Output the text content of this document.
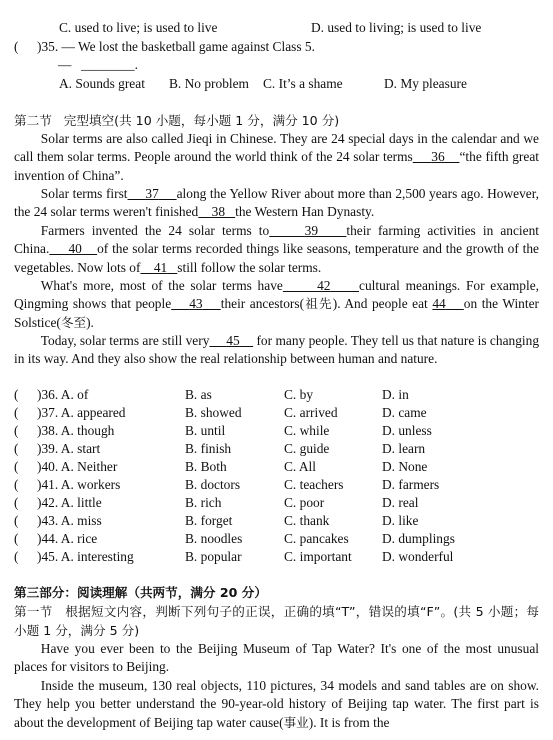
C. used to live; is used to live	D. used to living; is used to live
( )35. — We lost the basketball game against Class 5.
— ________.
A. Sounds great B. No problem C. It’s a shame	D. My pleasure
第二节 完型填空(共 10 小题，每小题 1 分，满分 10 分)
Solar terms are also called Jieqi in Chinese. They are 24 special days in the calendar and we call them solar terms. People around the world think of the 24 solar terms 36 “the fifth great invention of China”.
Solar terms first 37 along the Yellow River about more than 2,500 years ago. However, the 24 solar terms weren't finished 38 the Western Han Dynasty.
Farmers invented the 24 solar terms to	39 their farming activities in ancient China. 40 of the solar terms recorded things like seasons, temperature and the growth of the vegetables. Now lots of 41 still follow the solar terms.
What's more, most of the solar terms have	42 cultural meanings. For example, Qingming shows that people 43 their ancestors(祖先). And people eat 44 on the Winter Solstice(冬至).
Today, solar terms are still very 45     for many people. They tell us that nature is changing in its way. And they also show the real relationship between human and nature.
( )36. A. of	B. as	C. by	D. in
( )37. A. appeared	B. showed	C. arrived	D. came
( )38. A. though	B. until	C. while	D. unless
( )39. A. start	B. finish	C. guide	D. learn
( )40. A. Neither	B. Both	C. All	D. None
( )41. A. workers	B. doctors	C. teachers	D. farmers
( )42. A. little	B. rich	C. poor	D. real
( )43. A. miss	B. forget	C. thank	D. like
( )44. A. rice	B. noodles	C. pancakes D. dumplings
( )45. A. interesting	B. popular	C. important D. wonderful
第三部分：阅读理解（共两节，满分 20 分）
第一节 根据短文内容，判断下列句子的正误，正确的填“T”，错误的填“F”。(共 5 小题；每小题 1 分，满分 5 分)
Have you ever been to the Beijing Museum of Tap Water? It's one of the most unusual places for visitors to Beijing.
Inside the museum, 130 real objects, 110 pictures, 34 models and sand tables are on show. They help you better understand the 90-year-old history of Beijing tap water. The first part is about the development of Beijing tap water cause(事业). It is from the
